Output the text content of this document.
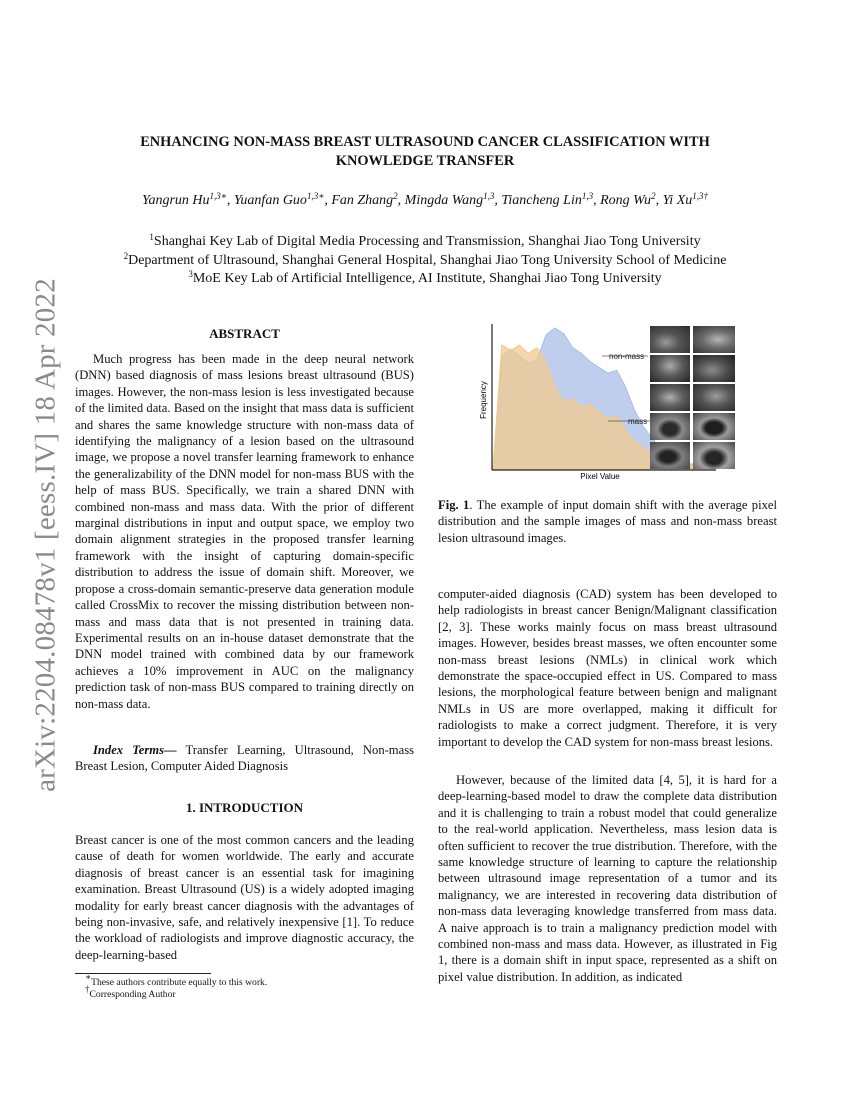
arXiv:2204.08478v1 [eess.IV] 18 Apr 2022
ENHANCING NON-MASS BREAST ULTRASOUND CANCER CLASSIFICATION WITH
KNOWLEDGE TRANSFER
Yangrun $Hu^{1,3∗}$, Yuanfan Guo$^{1,3∗}$, Fan Zhang$^2$, Mingda Wang$^{1,3}$, Tiancheng Lin$^{1,3}$, Rong Wu$^2$, Yi $Xu^{1,3\dagger}$
$^1$Shanghai Key Lab of Digital Media Processing and Transmission, Shanghai Jiao Tong University
$^2$Department of Ultrasound, Shanghai General Hospital, Shanghai Jiao Tong University School of Medicine
$^3$MoE Key Lab of Artificial Intelligence, AI Institute, Shanghai Jiao Tong University
ABSTRACT
Much progress has been made in the deep neural network (DNN) based diagnosis of mass lesions breast ultrasound (BUS) images. However, the non-mass lesion is less investigated because of the limited data. Based on the insight that mass data is sufficient and shares the same knowledge structure with non-mass data of identifying the malignancy of a lesion based on the ultrasound image, we propose a novel transfer learning framework to enhance the generalizability of the DNN model for non-mass BUS with the help of mass BUS. Specifically, we train a shared DNN with combined non-mass and mass data. With the prior of different marginal distributions in input and output space, we employ two domain alignment strategies in the proposed transfer learning framework with the insight of capturing domain-specific distribution to address the issue of domain shift. Moreover, we propose a cross-domain semantic-preserve data generation module called CrossMix to recover the missing distribution between non-mass and mass data that is not presented in training data. Experimental results on an in-house dataset demonstrate that the DNN model trained with combined data by our framework achieves a 10% improvement in AUC on the malignancy prediction task of non-mass BUS compared to training directly on non-mass data.
Index Terms— Transfer Learning, Ultrasound, Non-mass Breast Lesion, Computer Aided Diagnosis
1. INTRODUCTION
Breast cancer is one of the most common cancers and the leading cause of death for women worldwide. The early and accurate diagnosis of breast cancer is an essential task for imagining examination. Breast Ultrasound (US) is a widely adopted imaging modality for early breast cancer diagnosis with the advantages of being non-invasive, safe, and relatively inexpensive [1]. To reduce the workload of radiologists and improve diagnostic accuracy, the deep-learning-based
∗These authors contribute equally to this work.
†Corresponding Author
Frequency
Pixel Value
non-mass
mass
Fig. 1. The example of input domain shift with the average pixel distribution and the sample images of mass and non-mass breast lesion ultrasound images.
computer-aided diagnosis (CAD) system has been developed to help radiologists in breast cancer Benign/Malignant classification [2, 3]. These works mainly focus on mass breast ultrasound images. However, besides breast masses, we often encounter some non-mass breast lesions (NMLs) in clinical work which demonstrate the space-occupied effect in US. Compared to mass lesions, the morphological feature between benign and malignant NMLs in US are more overlapped, making it difficult for radiologists to make a correct judgment. Therefore, it is very important to develop the CAD system for non-mass breast lesions.
However, because of the limited data [4, 5], it is hard for a deep-learning-based model to draw the complete data distribution and it is challenging to train a robust model that could generalize to the real-world application. Nevertheless, mass lesion data is often sufficient to recover the true distribution. Therefore, with the same knowledge structure of learning to capture the relationship between ultrasound image representation of a tumor and its malignancy, we are interested in recovering data distribution of non-mass data leveraging knowledge transferred from mass data. A naive approach is to train a malignancy prediction model with combined non-mass and mass data. However, as illustrated in Fig 1, there is a domain shift in input space, represented as a shift on pixel value distribution. In addition, as indicated
